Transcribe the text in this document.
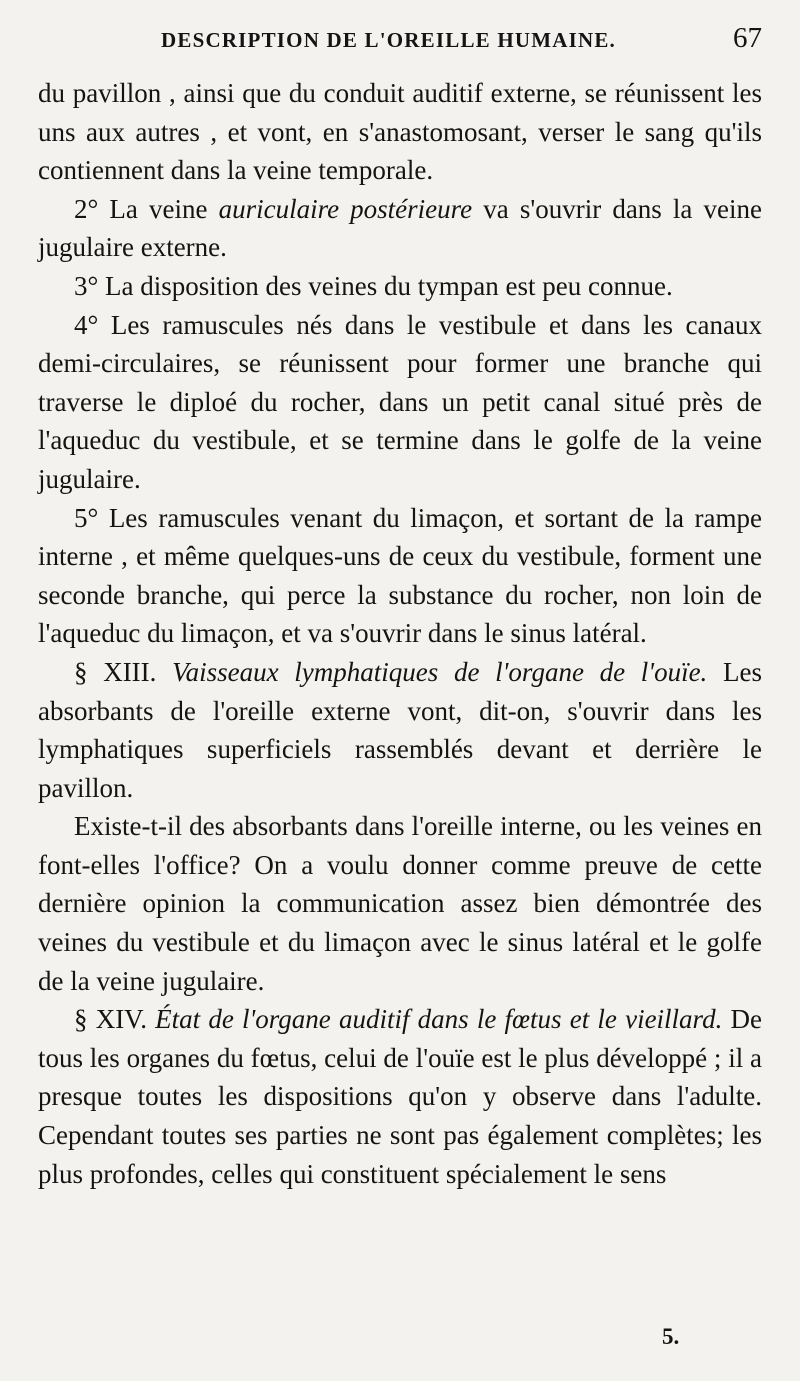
DESCRIPTION DE L'OREILLE HUMAINE.	67

du pavillon , ainsi que du conduit auditif externe, se réunissent les uns aux autres , et vont, en s'anastomosant, verser le sang qu'ils contiennent dans la veine temporale.

2° La veine auriculaire postérieure va s'ouvrir dans la veine jugulaire externe.

3° La disposition des veines du tympan est peu connue.

4° Les ramuscules nés dans le vestibule et dans les canaux demi-circulaires, se réunissent pour former une branche qui traverse le diploé du rocher, dans un petit canal situé près de l'aqueduc du vestibule, et se termine dans le golfe de la veine jugulaire.

5° Les ramuscules venant du limaçon, et sortant de la rampe interne , et même quelques-uns de ceux du vestibule, forment une seconde branche, qui perce la substance du rocher, non loin de l'aqueduc du limaçon, et va s'ouvrir dans le sinus latéral.

§ XIII. Vaisseaux lymphatiques de l'organe de l'ouïe. Les absorbants de l'oreille externe vont, dit-on, s'ouvrir dans les lymphatiques superficiels rassemblés devant et derrière le pavillon.

Existe-t-il des absorbants dans l'oreille interne, ou les veines en font-elles l'office? On a voulu donner comme preuve de cette dernière opinion la communication assez bien démontrée des veines du vestibule et du limaçon avec le sinus latéral et le golfe de la veine jugulaire.

§ XIV. État de l'organe auditif dans le fœtus et le vieillard. De tous les organes du fœtus, celui de l'ouïe est le plus développé ; il a presque toutes les dispositions qu'on y observe dans l'adulte. Cependant toutes ses parties ne sont pas également complètes; les plus profondes, celles qui constituent spécialement le sens

5.
